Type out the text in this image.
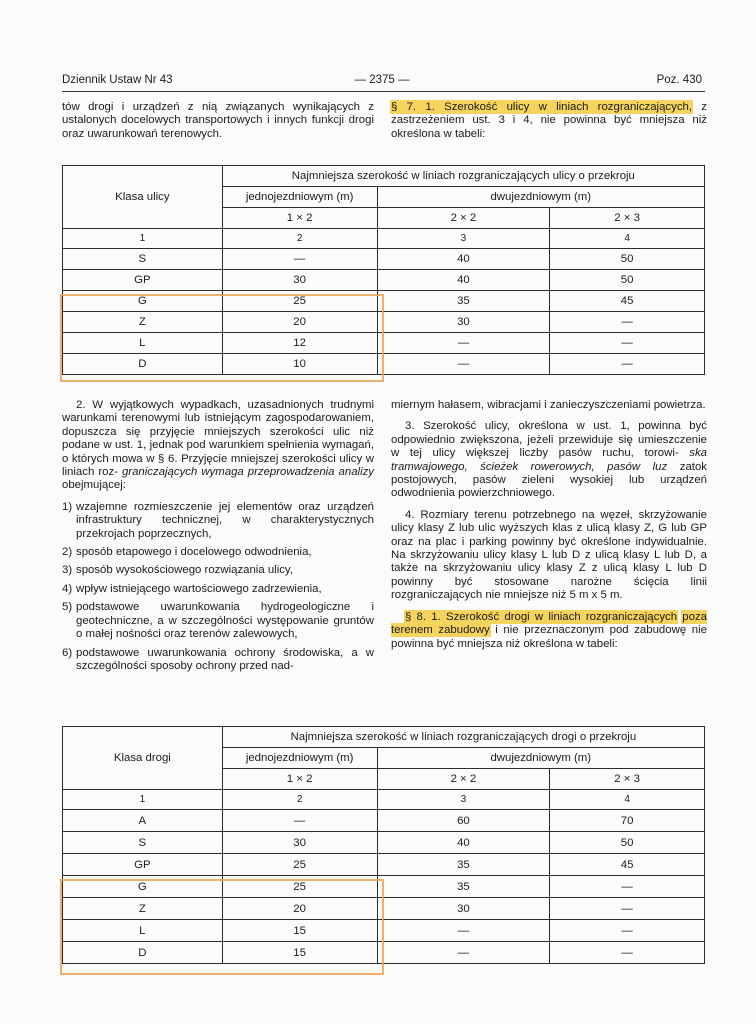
Dziennik Ustaw Nr 43	— 2375 —	Poz. 430

tów drogi i urządzeń z nią związanych wynikających z ustalonych docelowych transportowych i innych funkcji drogi oraz uwarunkowań terenowych.

§ 7. 1. Szerokość ulicy w liniach rozgraniczających, z zastrzeżeniem ust. 3 i 4, nie powinna być mniejsza niż określona w tabeli:

Klasa ulicy	Najmniejsza szerokość w liniach rozgraniczających ulicy o przekroju		
	jednojezdniowym (m)	dwujezdniowym (m)	
	1 × 2	2 × 2	2 × 3
1	2	3	4
S	—	40	50
GP	30	40	50
G	25	35	45
Z	20	30	—
L	12	—	—
D	10	—	—

2. W wyjątkowych wypadkach, uzasadnionych trudnymi warunkami terenowymi lub istniejącym zagospodarowaniem, dopuszcza się przyjęcie mniejszych szerokości ulic niż podane w ust. 1, jednak pod warunkiem spełnienia wymagań, o których mowa w § 6. Przyjęcie mniejszej szerokości ulicy w liniach roz- graniczających wymaga przeprowadzenia analizy obejmującej:

1) wzajemne rozmieszczenie jej elementów oraz urządzeń infrastruktury technicznej, w charakterystycznych przekrojach poprzecznych,
2) sposób etapowego i docelowego odwodnienia,
3) sposób wysokościowego rozwiązania ulicy,
4) wpływ istniejącego wartościowego zadrzewienia,
5) podstawowe uwarunkowania hydrogeologiczne i geotechniczne, a w szczególności występowanie gruntów o małej nośności oraz terenów zalewowych,
6) podstawowe uwarunkowania ochrony środowiska, a w szczególności sposoby ochrony przed nad-

miernym hałasem, wibracjami i zanieczyszczeniami powietrza.

3. Szerokość ulicy, określona w ust. 1, powinna być odpowiednio zwiększona, jeżeli przewiduje się umieszczenie w tej ulicy większej liczby pasów ruchu, torowi- ska tramwajowego, ścieżek rowerowych, pasów luz zatok postojowych, pasów zieleni wysokiej lub urządzeń odwodnienia powierzchniowego.

4. Rozmiary terenu potrzebnego na węzeł, skrzyżowanie ulicy klasy Z lub ulic wyższych klas z ulicą klasy Z, G lub GP oraz na plac i parking powinny być określone indywidualnie. Na skrzyżowaniu ulicy klasy L lub D z ulicą klasy L lub D, a także na skrzyżowaniu ulicy klasy Z z ulicą klasy L lub D powinny być stosowane narożne ścięcia linii rozgraniczających nie mniejsze niż 5 m x 5 m.

§ 8. 1. Szerokość drogi w liniach rozgraniczających poza terenem zabudowy i nie przeznaczonym pod zabudowę nie powinna być mniejsza niż określona w tabeli:

Klasa drogi	Najmniejsza szerokość w liniach rozgraniczających drogi o przekroju		
	jednojezdniowym (m)	dwujezdniowym (m)	
	1 × 2	2 × 2	2 × 3
1	2	3	4
A	—	60	70
S	30	40	50
GP	25	35	45
G	25	35	—
Z	20	30	—
L	15	—	—
D	15	—	—
